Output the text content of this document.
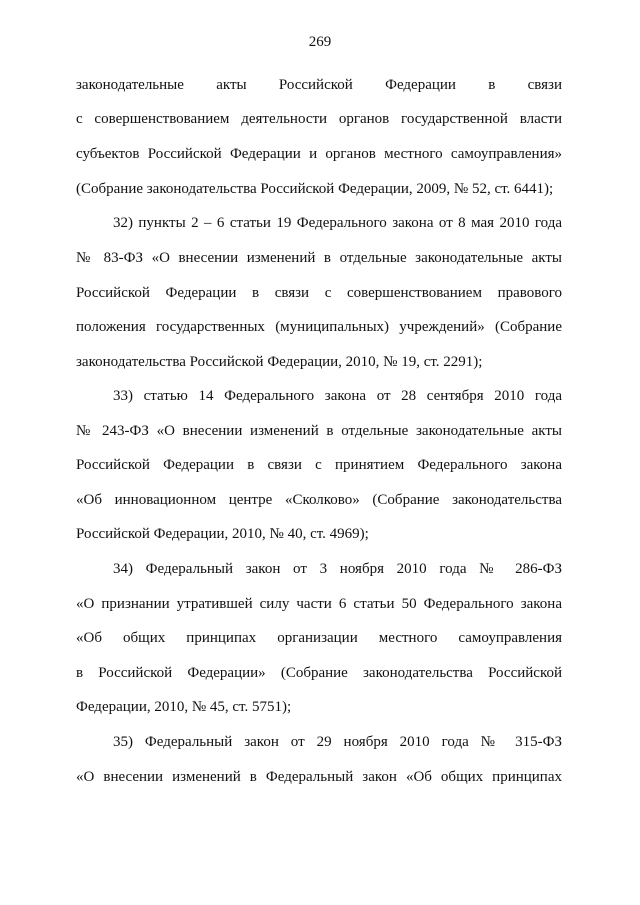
269
законодательные акты Российской Федерации в связи
с совершенствованием деятельности органов государственной власти
субъектов Российской Федерации и органов местного самоуправления»
(Собрание законодательства Российской Федерации, 2009, № 52, ст. 6441);
32) пункты 2 – 6 статьи 19 Федерального закона от 8 мая 2010 года
№ 83-ФЗ «О внесении изменений в отдельные законодательные акты
Российской Федерации в связи с совершенствованием правового
положения государственных (муниципальных) учреждений» (Собрание
законодательства Российской Федерации, 2010, № 19, ст. 2291);
33) статью 14 Федерального закона от 28 сентября 2010 года
№ 243-ФЗ «О внесении изменений в отдельные законодательные акты
Российской Федерации в связи с принятием Федерального закона
«Об инновационном центре «Сколково» (Собрание законодательства
Российской Федерации, 2010, № 40, ст. 4969);
34) Федеральный закон от 3 ноября 2010 года № 286-ФЗ
«О признании утратившей силу части 6 статьи 50 Федерального закона
«Об общих принципах организации местного самоуправления
в Российской Федерации» (Собрание законодательства Российской
Федерации, 2010, № 45, ст. 5751);
35) Федеральный закон от 29 ноября 2010 года № 315-ФЗ
«О внесении изменений в Федеральный закон «Об общих принципах
